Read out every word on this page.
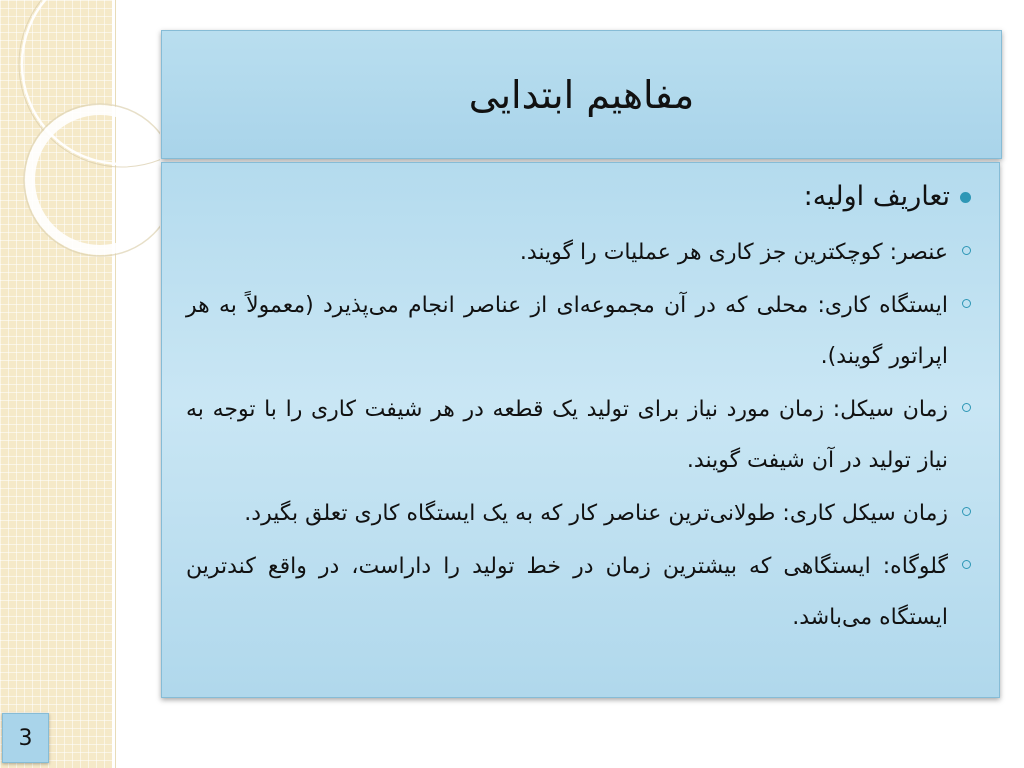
مفاهیم ابتدایی
تعاریف اولیه:
عنصر: کوچکترین جز کاری هر عملیات را گویند.
ایستگاه کاری: محلی که در آن مجموعه‌ای از عناصر انجام می‌پذیرد (معمولاً به هر اپراتور گویند).
زمان سیکل: زمان مورد نیاز برای تولید یک قطعه در هر شیفت کاری را با توجه به نیاز تولید در آن شیفت گویند.
زمان سیکل کاری: طولانی‌ترین عناصر کار که به یک ایستگاه کاری تعلق بگیرد.
گلوگاه: ایستگاهی که بیشترین زمان در خط تولید را داراست، در واقع کندترین ایستگاه می‌باشد.
3
